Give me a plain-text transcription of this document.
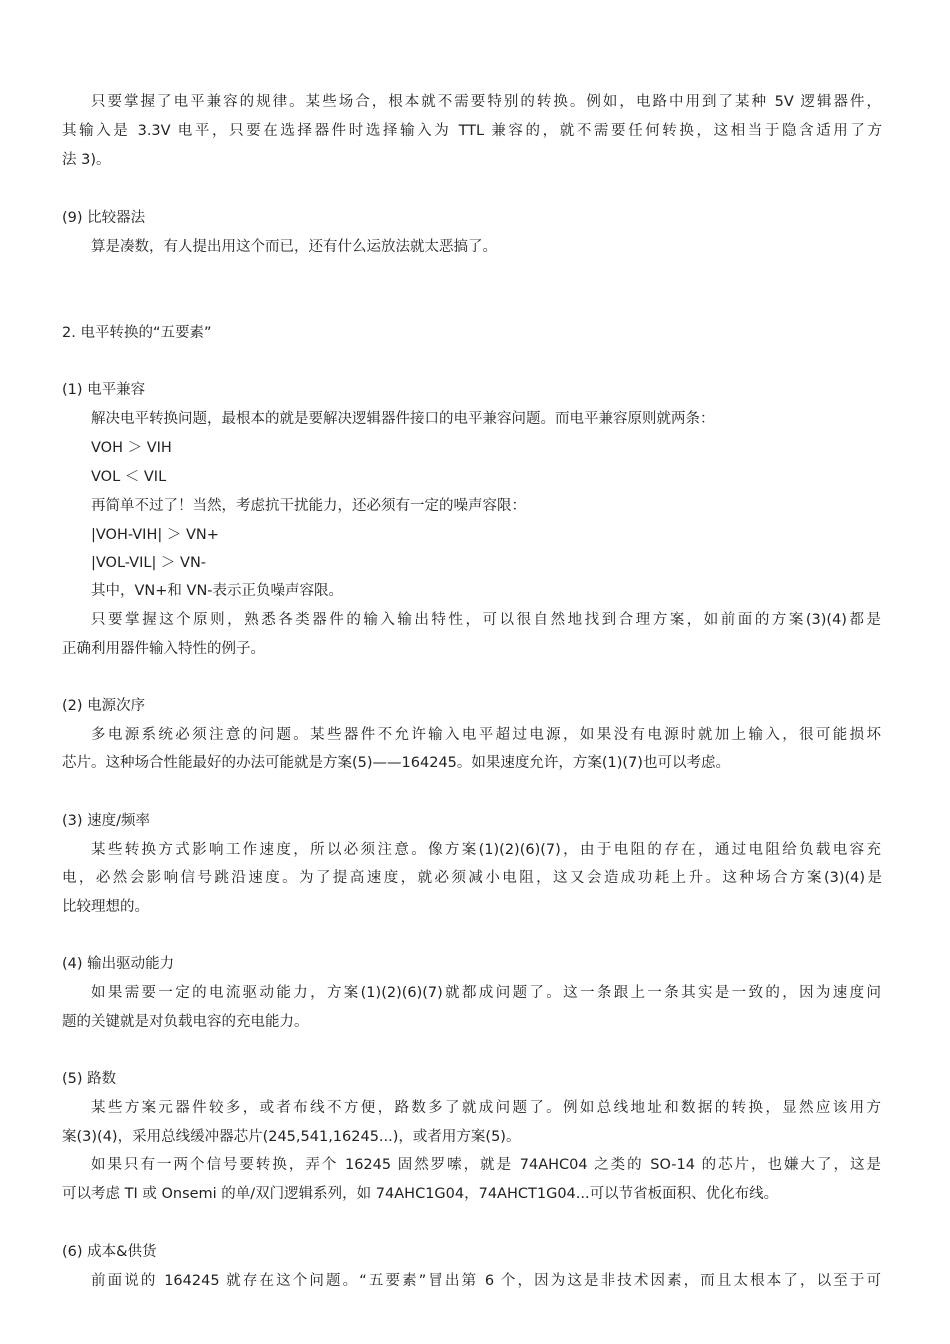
只要掌握了电平兼容的规律。某些场合，根本就不需要特别的转换。例如，电路中用到了某种 5V 逻辑器件，
其输入是 3.3V 电平，只要在选择器件时选择输入为 TTL 兼容的，就不需要任何转换，这相当于隐含适用了方
法 3)。
(9) 比较器法
算是凑数，有人提出用这个而已，还有什么运放法就太恶搞了。
2. 电平转换的“五要素”
(1) 电平兼容
解决电平转换问题，最根本的就是要解决逻辑器件接口的电平兼容问题。而电平兼容原则就两条：
VOH ＞ VIH
VOL ＜ VIL
再简单不过了！当然，考虑抗干扰能力，还必须有一定的噪声容限：
|VOH-VIH| ＞ VN+
|VOL-VIL| ＞ VN-
其中，VN+和 VN-表示正负噪声容限。
只要掌握这个原则，熟悉各类器件的输入输出特性，可以很自然地找到合理方案，如前面的方案(3)(4)都是
正确利用器件输入特性的例子。
(2) 电源次序
多电源系统必须注意的问题。某些器件不允许输入电平超过电源，如果没有电源时就加上输入，很可能损坏
芯片。这种场合性能最好的办法可能就是方案(5)——164245。如果速度允许，方案(1)(7)也可以考虑。
(3) 速度/频率
某些转换方式影响工作速度，所以必须注意。像方案(1)(2)(6)(7)，由于电阻的存在，通过电阻给负载电容充
电，必然会影响信号跳沿速度。为了提高速度，就必须减小电阻，这又会造成功耗上升。这种场合方案(3)(4)是
比较理想的。
(4) 输出驱动能力
如果需要一定的电流驱动能力，方案(1)(2)(6)(7)就都成问题了。这一条跟上一条其实是一致的，因为速度问
题的关键就是对负载电容的充电能力。
(5) 路数
某些方案元器件较多，或者布线不方便，路数多了就成问题了。例如总线地址和数据的转换，显然应该用方
案(3)(4)，采用总线缓冲器芯片(245,541,16245...)，或者用方案(5)。
如果只有一两个信号要转换，弄个 16245 固然罗嗦，就是 74AHC04 之类的 SO-14 的芯片，也嫌大了，这是
可以考虑 TI 或 Onsemi 的单/双门逻辑系列，如 74AHC1G04，74AHCT1G04...可以节省板面积、优化布线。
(6) 成本&供货
前面说的 164245 就存在这个问题。“五要素”冒出第 6 个，因为这是非技术因素，而且太根本了，以至于可
